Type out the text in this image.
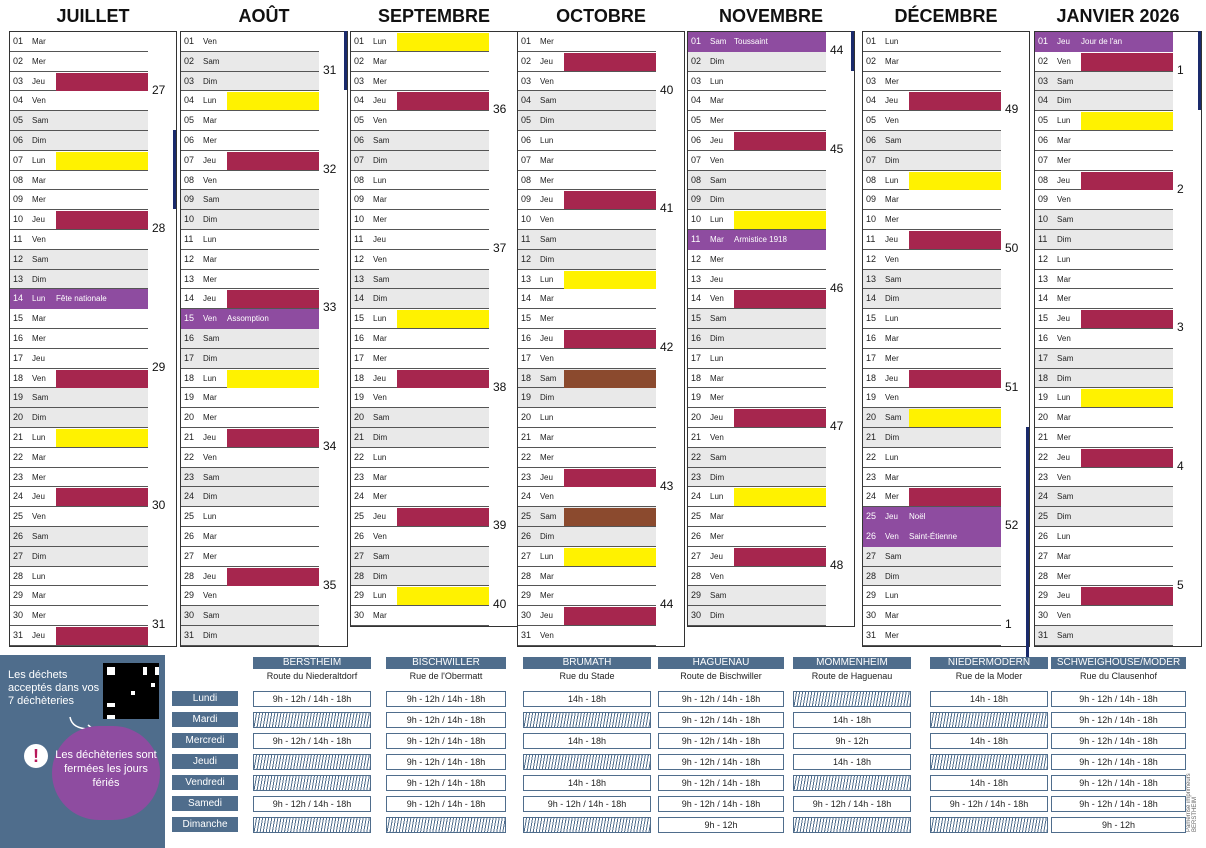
JUILLET
01 Mar
02 Mer
03 Jeu
04 Ven
05 Sam
06 Dim
07 Lun
08 Mar
09 Mer
10 Jeu
11 Ven
12 Sam
13 Dim
14 Lun Fête nationale
15 Mar
16 Mer
17 Jeu
18 Ven
19 Sam
20 Dim
21 Lun
22 Mar
23 Mer
24 Jeu
25 Ven
26 Sam
27 Dim
28 Lun
29 Mar
30 Mer
31 Jeu
AOÛT
01 Ven
02 Sam
03 Dim
04 Lun
05 Mar
06 Mer
07 Jeu
08 Ven
09 Sam
10 Dim
11 Lun
12 Mar
13 Mer
14 Jeu
15 Ven Assomption
16 Sam
17 Dim
18 Lun
19 Mar
20 Mer
21 Jeu
22 Ven
23 Sam
24 Dim
25 Lun
26 Mar
27 Mer
28 Jeu
29 Ven
30 Sam
31 Dim
SEPTEMBRE
01 Lun
02 Mar
03 Mer
04 Jeu
05 Ven
06 Sam
07 Dim
08 Lun
09 Mar
10 Mer
11 Jeu
12 Ven
13 Sam
14 Dim
15 Lun
16 Mar
17 Mer
18 Jeu
19 Ven
20 Sam
21 Dim
22 Lun
23 Mar
24 Mer
25 Jeu
26 Ven
27 Sam
28 Dim
29 Lun
30 Mar
OCTOBRE
01 Mer
02 Jeu
03 Ven
04 Sam
05 Dim
06 Lun
07 Mar
08 Mer
09 Jeu
10 Ven
11 Sam
12 Dim
13 Lun
14 Mar
15 Mer
16 Jeu
17 Ven
18 Sam
19 Dim
20 Lun
21 Mar
22 Mer
23 Jeu
24 Ven
25 Sam
26 Dim
27 Lun
28 Mar
29 Mer
30 Jeu
31 Ven
NOVEMBRE
01 Sam Toussaint
02 Dim
03 Lun
04 Mar
05 Mer
06 Jeu
07 Ven
08 Sam
09 Dim
10 Lun
11 Mar Armistice 1918
12 Mer
13 Jeu
14 Ven
15 Sam
16 Dim
17 Lun
18 Mar
19 Mer
20 Jeu
21 Ven
22 Sam
23 Dim
24 Lun
25 Mar
26 Mer
27 Jeu
28 Ven
29 Sam
30 Dim
DÉCEMBRE
01 Lun
02 Mar
03 Mer
04 Jeu
05 Ven
06 Sam
07 Dim
08 Lun
09 Mar
10 Mer
11 Jeu
12 Ven
13 Sam
14 Dim
15 Lun
16 Mar
17 Mer
18 Jeu
19 Ven
20 Sam
21 Dim
22 Lun
23 Mar
24 Mer
25 Jeu Noël
26 Ven Saint-Étienne
27 Sam
28 Dim
29 Lun
30 Mar
31 Mer
JANVIER 2026
01 Jeu Jour de l'an
02 Ven
03 Sam
04 Dim
05 Lun
06 Mar
07 Mer
08 Jeu
09 Ven
10 Sam
11 Dim
12 Lun
13 Mar
14 Mer
15 Jeu
16 Ven
17 Sam
18 Dim
19 Lun
20 Mar
21 Mer
22 Jeu
23 Ven
24 Sam
25 Dim
26 Lun
27 Mar
28 Mer
29 Jeu
30 Ven
31 Sam
27
28
29
30
31
31
32
33
34
35
36
37
38
39
40
40
41
42
43
44
44
45
46
47
48
49
50
51
52
1
1
2
3
4
5
Les déchets acceptés dans vos 7 déchèteries
!	Les déchèteries sont fermées les jours fériés
Lundi
Mardi
Mercredi
Jeudi
Vendredi
Samedi
Dimanche
BERSTHEIM
Route du Niederaltdorf
9h - 12h / 14h - 18h
9h - 12h / 14h - 18h
9h - 12h / 14h - 18h
BISCHWILLER
Rue de l'Obermatt
9h - 12h / 14h - 18h
9h - 12h / 14h - 18h
9h - 12h / 14h - 18h
9h - 12h / 14h - 18h
9h - 12h / 14h - 18h
9h - 12h / 14h - 18h
BRUMATH
Rue du Stade
14h - 18h
14h - 18h
14h - 18h
9h - 12h / 14h - 18h
HAGUENAU
Route de Bischwiller
9h - 12h / 14h - 18h
9h - 12h / 14h - 18h
9h - 12h / 14h - 18h
9h - 12h / 14h - 18h
9h - 12h / 14h - 18h
9h - 12h / 14h - 18h
9h - 12h
MOMMENHEIM
Route de Haguenau
14h - 18h
9h - 12h
14h - 18h
9h - 12h / 14h - 18h
NIEDERMODERN
Rue de la Moder
14h - 18h
14h - 18h
14h - 18h
9h - 12h / 14h - 18h
SCHWEIGHOUSE/MODER
Rue du Clausenhof
9h - 12h / 14h - 18h
9h - 12h / 14h - 18h
9h - 12h / 14h - 18h
9h - 12h / 14h - 18h
9h - 12h / 14h - 18h
9h - 12h / 14h - 18h
9h - 12h	Pamerrise imprimeurs BERSTHEIM
